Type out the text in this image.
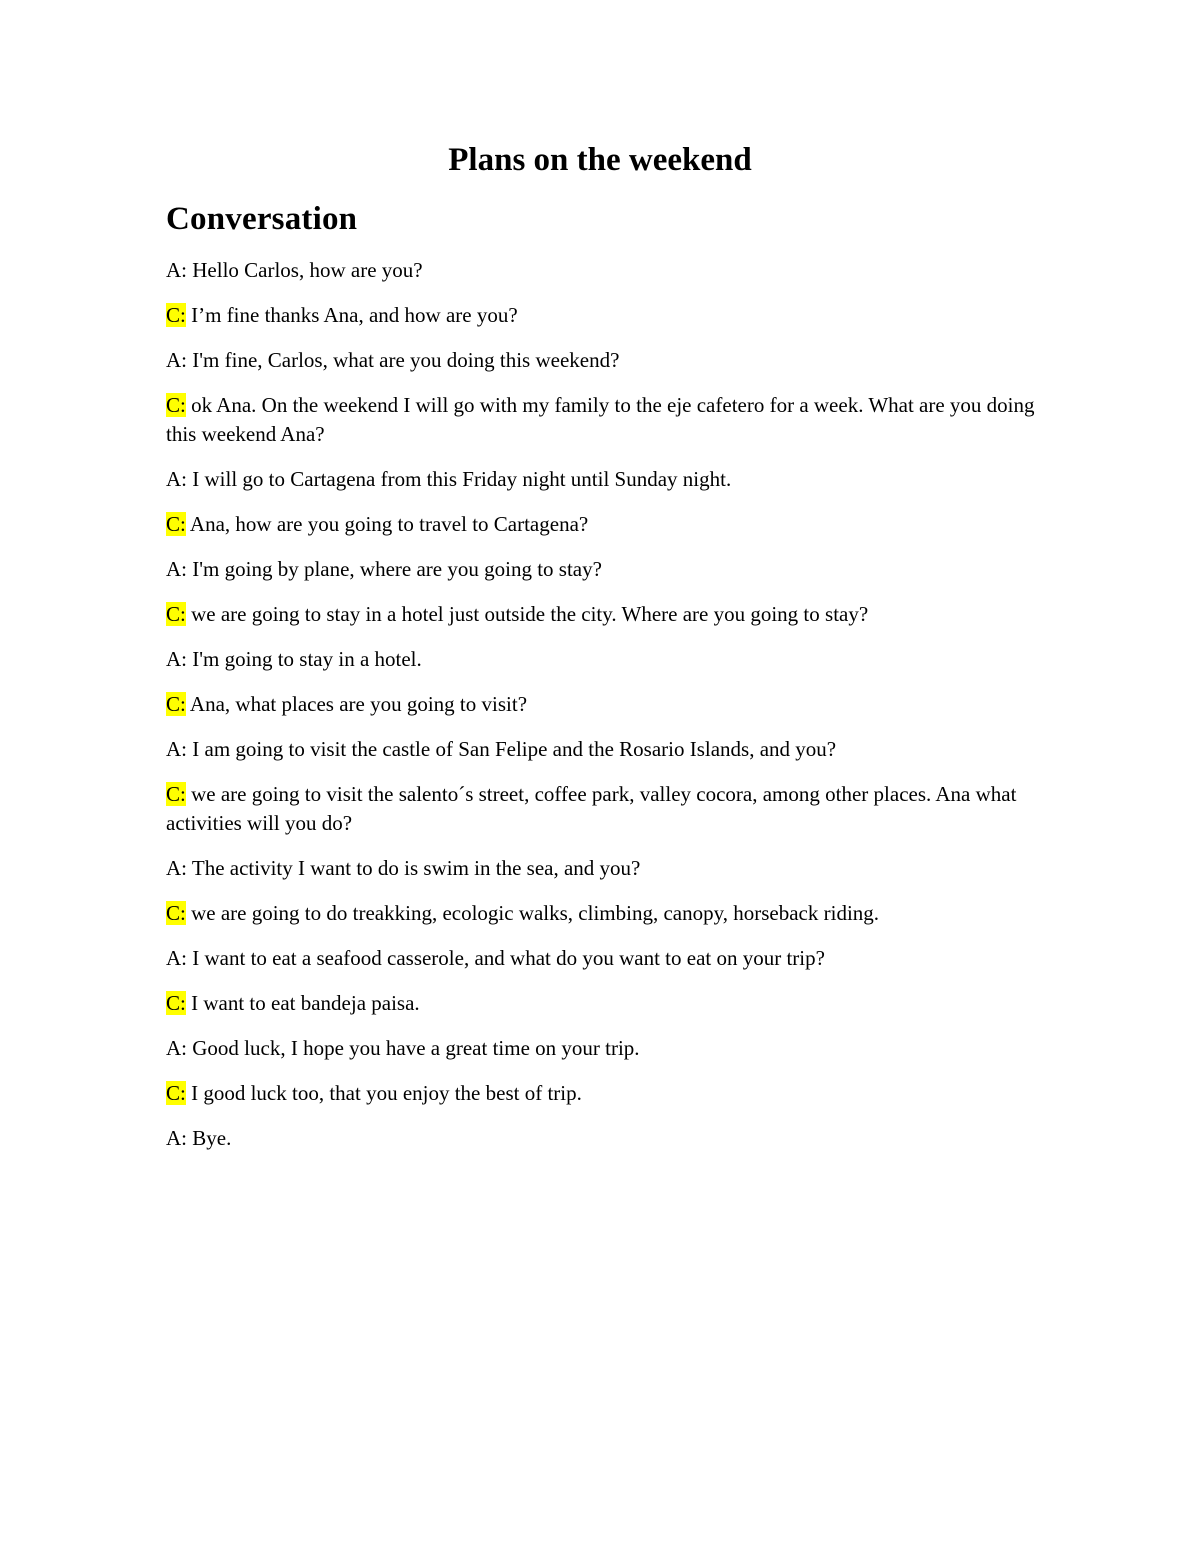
Plans on the weekend
Conversation

A: Hello Carlos, how are you?

C: I’m fine thanks Ana, and how are you?

A: I'm fine, Carlos, what are you doing this weekend?

C: ok Ana. On the weekend I will go with my family to the eje cafetero for a week. What are you doing this weekend Ana?

A: I will go to Cartagena from this Friday night until Sunday night.

C: Ana, how are you going to travel to Cartagena?

A: I'm going by plane, where are you going to stay?

C: we are going to stay in a hotel just outside the city. Where are you going to stay?

A: I'm going to stay in a hotel.

C: Ana, what places are you going to visit?

A: I am going to visit the castle of San Felipe and the Rosario Islands, and you?

C: we are going to visit the salento´s street, coffee park, valley cocora, among other places. Ana what activities will you do?

A: The activity I want to do is swim in the sea, and you?

C: we are going to do treakking, ecologic walks, climbing, canopy, horseback riding.

A: I want to eat a seafood casserole, and what do you want to eat on your trip?

C: I want to eat bandeja paisa.

A: Good luck, I hope you have a great time on your trip.

C: I good luck too, that you enjoy the best of trip.

A: Bye.
